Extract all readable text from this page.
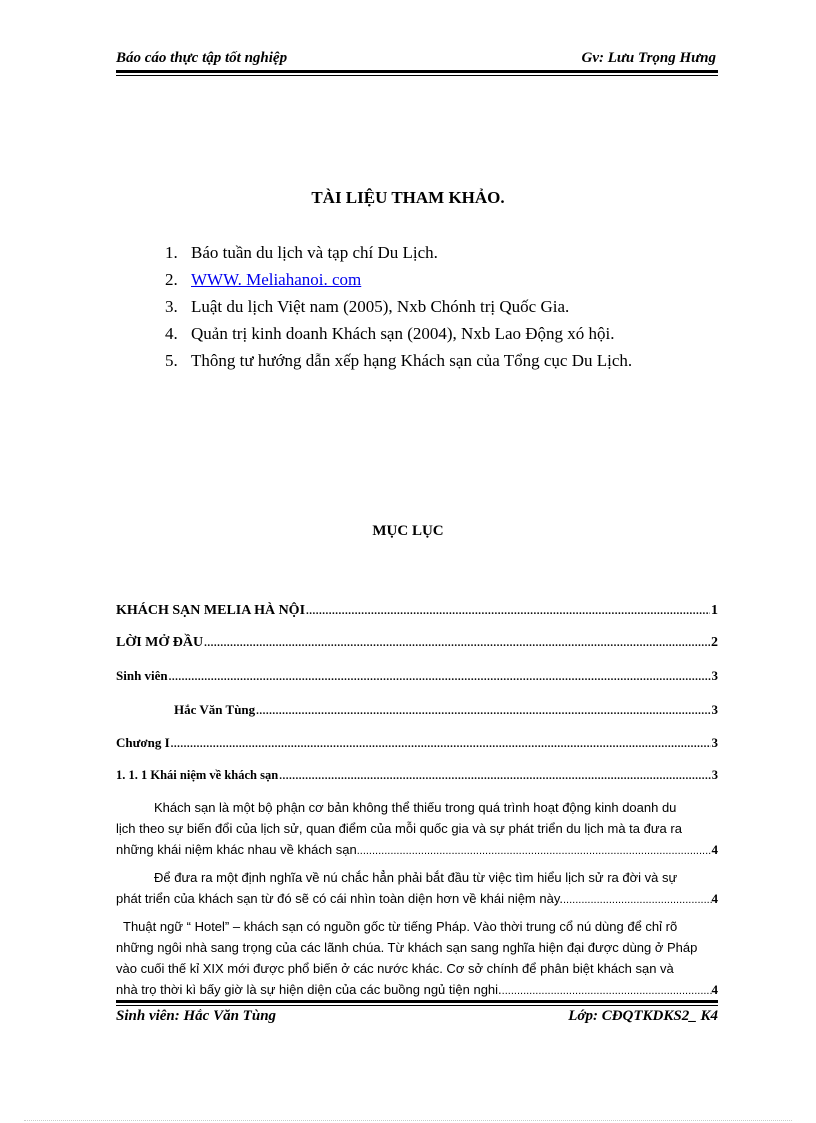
Báo cáo thực tập tốt nghiệp	Gv: Lưu Trọng Hưng
TÀI LIỆU THAM KHẢO.
1. Báo tuần du lịch và tạp chí Du Lịch.
2. WWW. Meliahanoi. com
3. Luật du lịch Việt nam (2005), Nxb Chónh trị Quốc Gia.
4. Quản trị kinh doanh Khách sạn (2004), Nxb Lao Động xó hội.
5. Thông tư hướng dẫn xếp hạng Khách sạn của Tổng cục Du Lịch.
MỤC LỤC
KHÁCH SẠN MELIA HÀ NỘI .....	1
LỜI MỞ ĐẦU .....	2
Sinh viên .....	3
Hắc Văn Tùng .....	3
Chương I .....	3
1. 1. 1 Khái niệm về khách sạn .....	3
Khách sạn là một bộ phận cơ bản không thể thiếu trong quá trình hoạt động kinh doanh du
lịch theo sự biến đổi của lịch sử, quan điểm của mỗi quốc gia và sự phát triển du lịch mà ta đưa ra
những khái niệm khác nhau về khách sạn .....	4
Để đưa ra một định nghĩa về nú chắc hẳn phải bắt đầu từ việc tìm hiểu lịch sử ra đời và sự
phát triển của khách sạn từ đó sẽ có cái nhìn toàn diện hơn về khái niệm này. .....	4
Thuật ngữ “ Hotel” – khách sạn có nguồn gốc từ tiếng Pháp. Vào thời trung cổ nú dùng để chỉ rõ
những ngôi nhà sang trọng của các lãnh chúa. Từ khách sạn sang nghĩa hiện đại được dùng ở Pháp
vào cuối thế kỉ XIX mới được phổ biến ở các nước khác. Cơ sở chính để phân biệt khách sạn và
nhà trọ thời kì bấy giờ là sự hiện diện của các buồng ngủ tiện nghi. .....	4
Sinh viên: Hắc Văn Tùng	Lớp: CĐQTKDKS2_ K4
